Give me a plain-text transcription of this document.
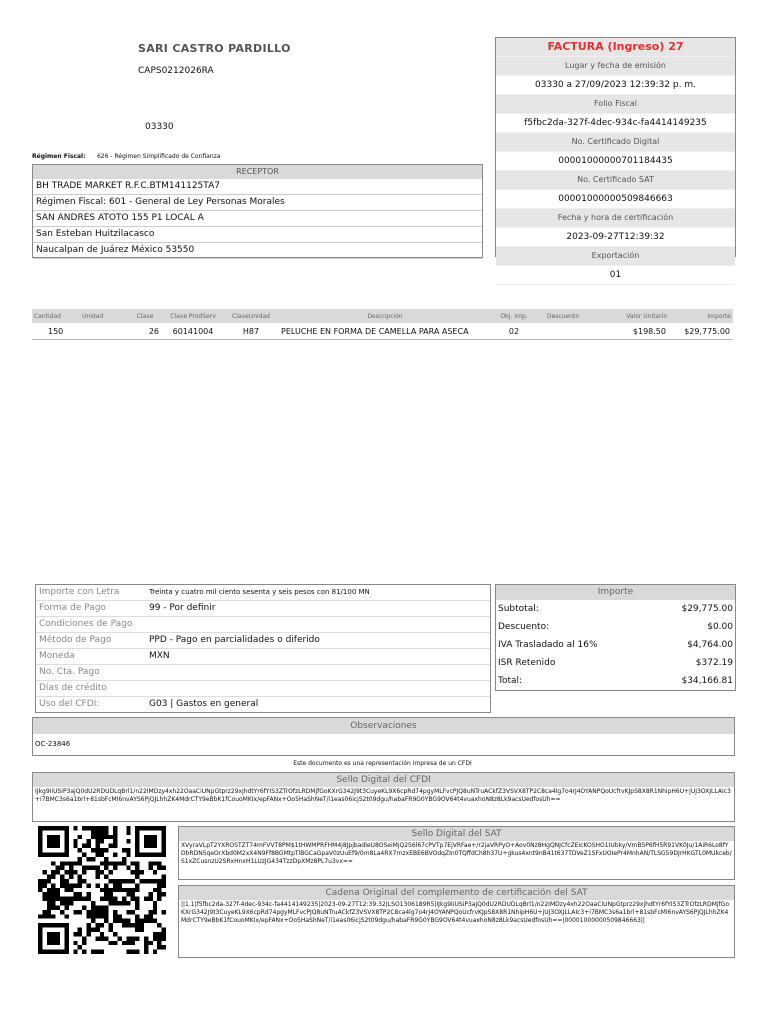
SARI CASTRO PARDILLO
CAPS0212026RA
03330
Régimen Fiscal: 626 - Régimen Simplificado de Confianza
FACTURA (Ingreso) 27
Lugar y fecha de emisión
03330 a 27/09/2023 12:39:32 p. m.
Folio Fiscal
f5fbc2da-327f-4dec-934c-fa4414149235
No. Certificado Digital
00001000000701184435
No. Certificado SAT
00001000000509846663
Fecha y hora de certificación
2023-09-27T12:39:32
Exportación
01
RECEPTOR
BH TRADE MARKET R.F.C.BTM141125TA7
Régimen Fiscal: 601 - General de Ley Personas Morales
SAN ANDRES ATOTO 155 P1 LOCAL A
San Esteban Huitzilacasco
Naucalpan de Juárez México 53550
Cantidad	Unidad	Clave	Clave ProdServ	ClaveUnidad	Descripción	Obj. Imp.	Descuento	Valor Unitario	Importe
150		26	60141004	H87	PELUCHE EN FORMA DE CAMELLA PARA ASECA	02		$198.50	$29,775.00
Importe con Letra	Treinta y cuatro mil ciento sesenta y seis pesos con 81/100 MN
Forma de Pago	99 - Por definir
Condiciones de Pago
Método de Pago	PPD - Pago en parcialidades o diferido
Moneda	MXN
No. Cta. Pago
Días de crédito
Uso del CFDI:	G03 | Gastos en general
Importe
Subtotal:	$29,775.00
Descuento:	$0.00
IVA Trasladado al 16%	$4,764.00
ISR Retenido	$372.19
Total:	$34,166.81
Observaciones
OC-23846
Este documento es una representación impresa de un CFDI
Sello Digital del CFDI
IJkg9IiUSiP3ajQ0dU2RDUDLqBrl1/n22IMDzy4xh22OaaCiUNpGtprz29xjhdtYr6fYIS3ZTrOfzLRDMjfGoKXrG342J9t3CuyeKL9X6cpRd74pgyMLFvcPJQ8uNTruACkfZ3VSVX8TP2C8ca4lg7o4rJ4OYANPQoUcfrvKJpS8X8R1NhipH6U+jUJ3OXJLLAIc3+i7BMC3s6a1brl+81sbFcMl6nvAYS6PjQJLhhZK4MdrCTY9eBbK1fCouoMKIx/epFANx+Oo5HaShNeT/i1eas06icjS2t09dgu/habaFR9G0YBG9OV64t4vuaxhoN8z8Lk9acsUedfosUh==
Sello Digital del SAT
XVyraVLpT2YXROSTZT74mFVVT8PM$1tHWMPRFHM4j8JpjbadleU8OSeiMjQ2S6l67cPVTp7EjVRFae+/r2jaVRPyO+Aov0Nz8HgQNJCfcZEicKOSHO1IUbky/VmB5P6fH5R91VK0Ju/1AiR6Lo8fYDbRDN5qeOrXbd0M2xX4N9Ff8BGMtpTlBGCaGpaV0zUuEf9/0m8La4RX7rnzxEBE6BVOdqZIn0TQffdCh8h37U+gkus4xnt9nB41t637TDVeZ1SFxUOIePr4MnhAN/TLSG59DJrHKGTL0MUkceb/S1xZCusnzU2SRxHnxH1LUzJG434TzzDpXMz8PL7u3vx==
Cadena Original del complemento de certificación del SAT
||1.1|f5fbc2da-327f-4dec-934c-fa4414149235|2023-09-27T12:39:32|LSO1306189R5|IJkg9IiUSiP3ajQ0dU2RDUDLqBrl1/n22IMDzy4xh22OaaCiUNpGtprz29xjhdtYr6fYIS3ZTrOfzLRDMjfGoKXrG342J9t3CuyeKL9X6cpRd74pgyMLFvcPJQ8uNTruACkfZ3VSVX8TP2C8ca4lg7o4rJ4OYANPQoUcfrvKJpS8X8R1NhipH6U+jUJ3OXJLLAIc3+i7BMC3s6a1brl+81sbFcMl6nvAYS6PjQJLhhZK4MdrCTY9eBbK1fCouoMKIx/epFANx+Oo5HaShNeT/i1eas06icjS2t09dgu/habaFR9G0YBG9OV64t4vuaxhoN8z8Lk9acsUedfosUh==|00001000000509846663||
